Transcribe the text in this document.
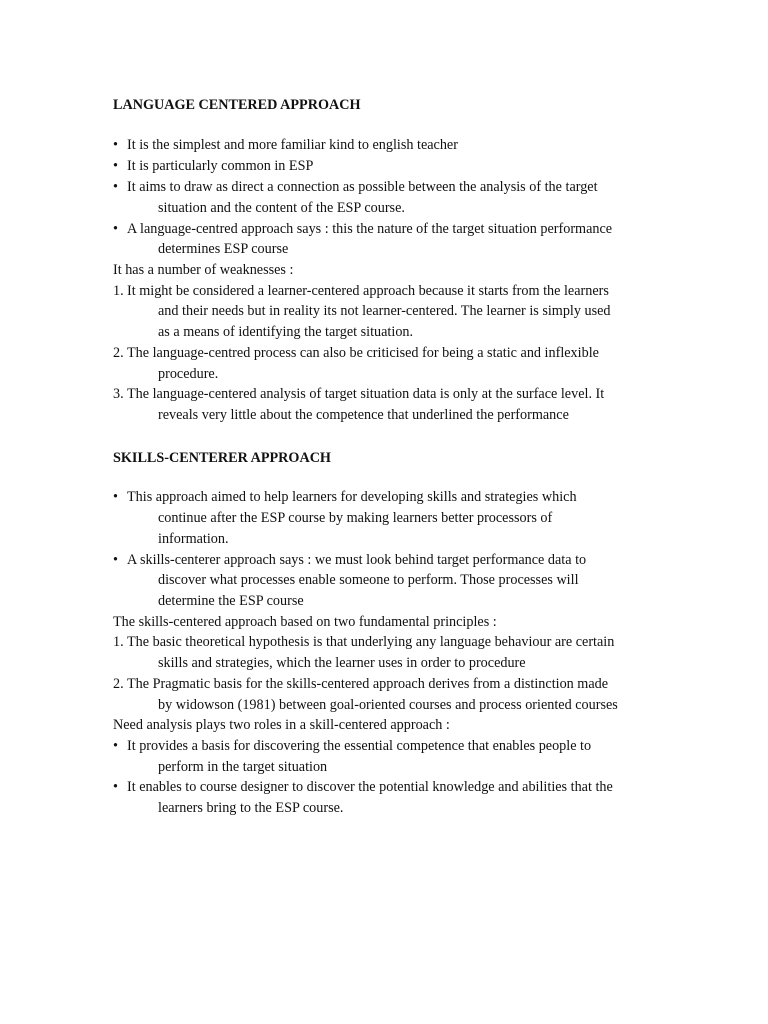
LANGUAGE CENTERED APPROACH
• It is the simplest and more familiar kind to english teacher
• It is particularly common in ESP
• It aims to draw as direct a connection as possible between the analysis of the target
situation and the content of the ESP course.
• A language-centred approach says : this the nature of the target situation performance
determines ESP course
It has a number of weaknesses :
1. It might be considered a learner-centered approach because it starts from the learners
and their needs but in reality its not learner-centered. The learner is simply used
as a means of identifying the target situation.
2. The language-centred process can also be criticised for being a static and inflexible
procedure.
3. The language-centered analysis of target situation data is only at the surface level. It
reveals very little about the competence that underlined the performance
SKILLS-CENTERER APPROACH
• This approach aimed to help learners for developing skills and strategies which
continue after the ESP course by making learners better processors of
information.
• A skills-centerer approach says : we must look behind target performance data to
discover what processes enable someone to perform. Those processes will
determine the ESP course
The skills-centered approach based on two fundamental principles :
1. The basic theoretical hypothesis is that underlying any language behaviour are certain
skills and strategies, which the learner uses in order to procedure
2. The Pragmatic basis for the skills-centered approach derives from a distinction made
by widowson (1981) between goal-oriented courses and process oriented courses
Need analysis plays two roles in a skill-centered approach :
• It provides a basis for discovering the essential competence that enables people to
perform in the target situation
• It enables to course designer to discover the potential knowledge and abilities that the
learners bring to the ESP course.
